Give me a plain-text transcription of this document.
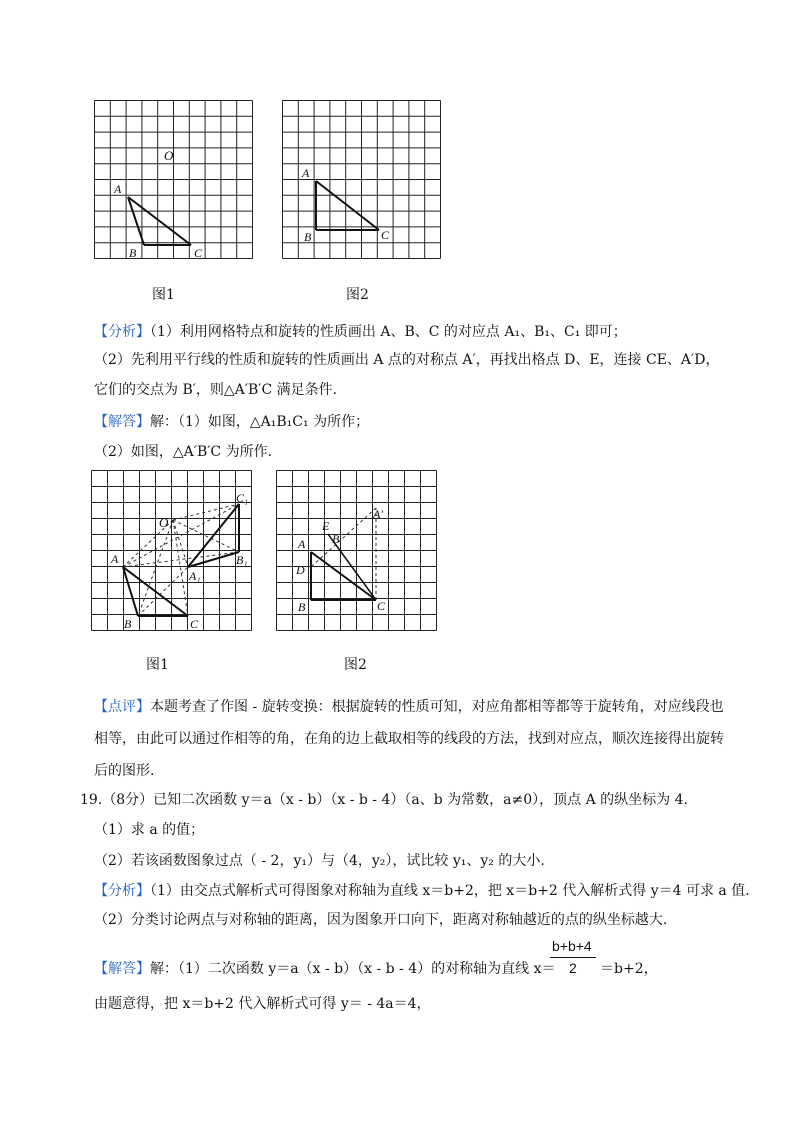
O
A
B	C
图1
A
B	C
图2
【分析】（1）利用网格特点和旋转的性质画出 A、B、C 的对应点 A₁、B₁、C₁ 即可；
（2）先利用平行线的性质和旋转的性质画出 A 点的对称点 A′，再找出格点 D、E，连接 CE、A′D，
它们的交点为 B′，则△A′B′C 满足条件.
【解答】解：（1）如图，△A₁B₁C₁ 为所作；
（2）如图，△A′B′C 为所作.
O
A
B	C
A₁
B₁
C₁
图1
A
B	C
D
E
B
A′
图2
【点评】本题考查了作图 - 旋转变换：根据旋转的性质可知，对应角都相等都等于旋转角，对应线段也
相等，由此可以通过作相等的角，在角的边上截取相等的线段的方法，找到对应点，顺次连接得出旋转
后的图形.
19.（8分）已知二次函数 y＝a（x - b）（x - b - 4）（a、b 为常数，a≠0），顶点 A 的纵坐标为 4.
（1）求 a 的值；
（2）若该函数图象过点（ - 2，y₁）与（4，y₂），试比较 y₁、y₂ 的大小.
【分析】（1）由交点式解析式可得图象对称轴为直线 x＝b+2，把 x＝b+2 代入解析式得 y＝4 可求 a 值.
（2）分类讨论两点与对称轴的距离，因为图象开口向下，距离对称轴越近的点的纵坐标越大.
【解答】解：（1）二次函数 y＝a（x - b）（x - b - 4）的对称轴为直线 x＝
b+b+4
2 ＝b+2，
由题意得，把 x＝b+2 代入解析式可得 y＝ - 4a＝4，
